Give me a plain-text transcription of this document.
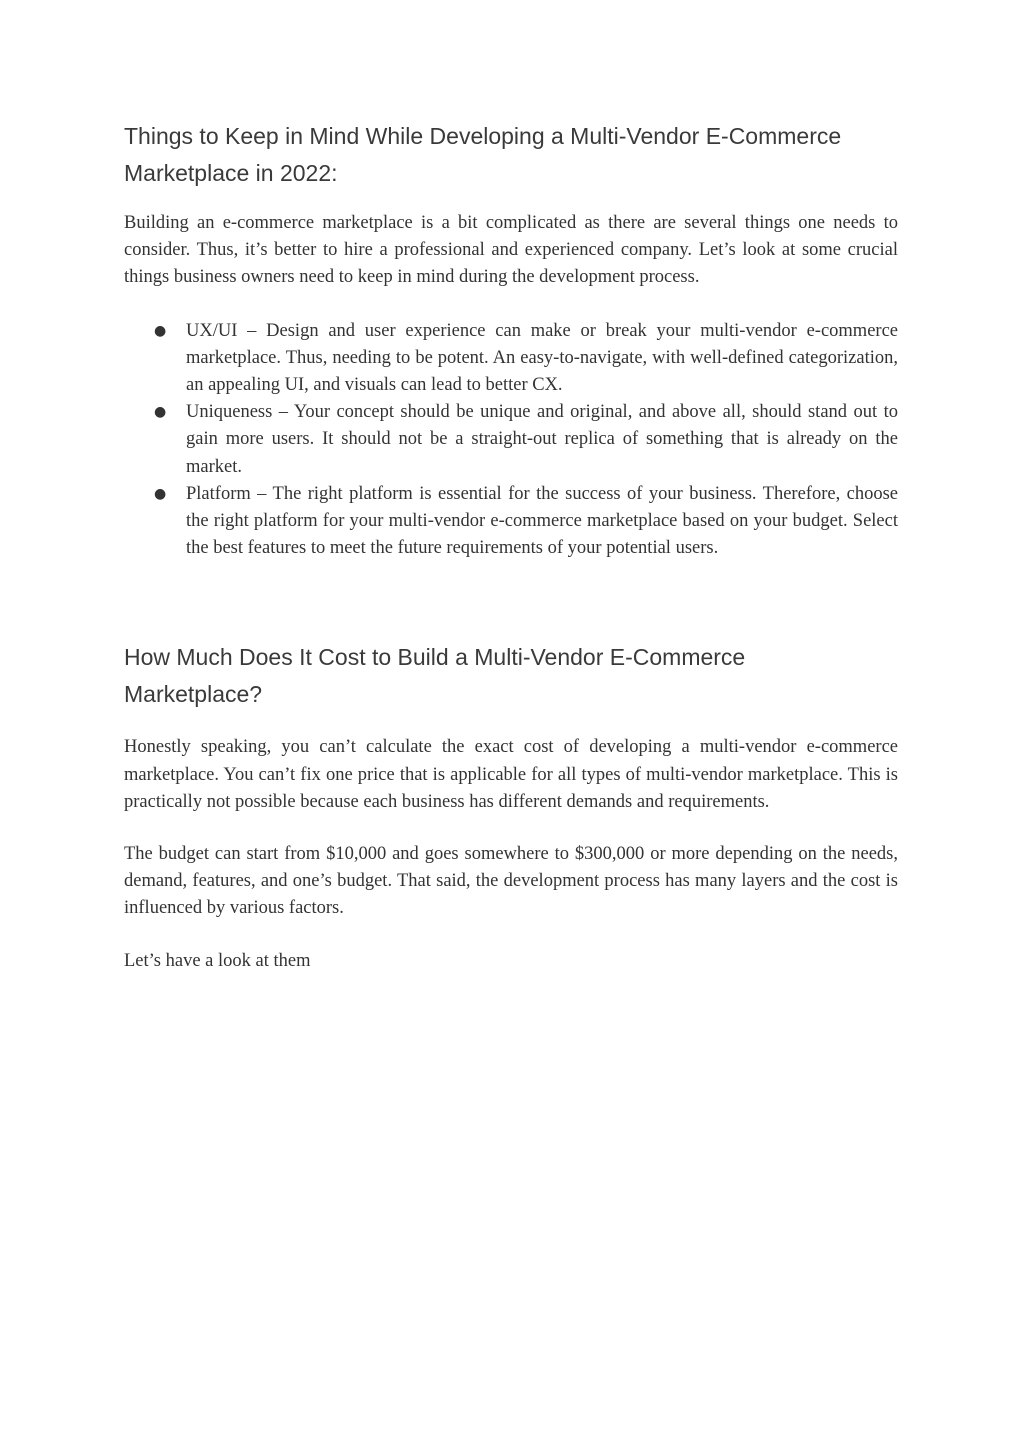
Things to Keep in Mind While Developing a Multi-Vendor E-Commerce Marketplace in 2022:

Building an e-commerce marketplace is a bit complicated as there are several things one needs to consider. Thus, it’s better to hire a professional and experienced company. Let’s look at some crucial things business owners need to keep in mind during the development process.

● UX/UI – Design and user experience can make or break your multi-vendor e-commerce marketplace. Thus, needing to be potent. An easy-to-navigate, with well-defined categorization, an appealing UI, and visuals can lead to better CX.
● Uniqueness – Your concept should be unique and original, and above all, should stand out to gain more users. It should not be a straight-out replica of something that is already on the market.
● Platform – The right platform is essential for the success of your business. Therefore, choose the right platform for your multi-vendor e-commerce marketplace based on your budget. Select the best features to meet the future requirements of your potential users.
How Much Does It Cost to Build a Multi-Vendor E-Commerce Marketplace?

Honestly speaking, you can’t calculate the exact cost of developing a multi-vendor e-commerce marketplace. You can’t fix one price that is applicable for all types of multi-vendor marketplace. This is practically not possible because each business has different demands and requirements.

The budget can start from $10,000 and goes somewhere to $300,000 or more depending on the needs, demand, features, and one’s budget. That said, the development process has many layers and the cost is influenced by various factors.

Let’s have a look at them
